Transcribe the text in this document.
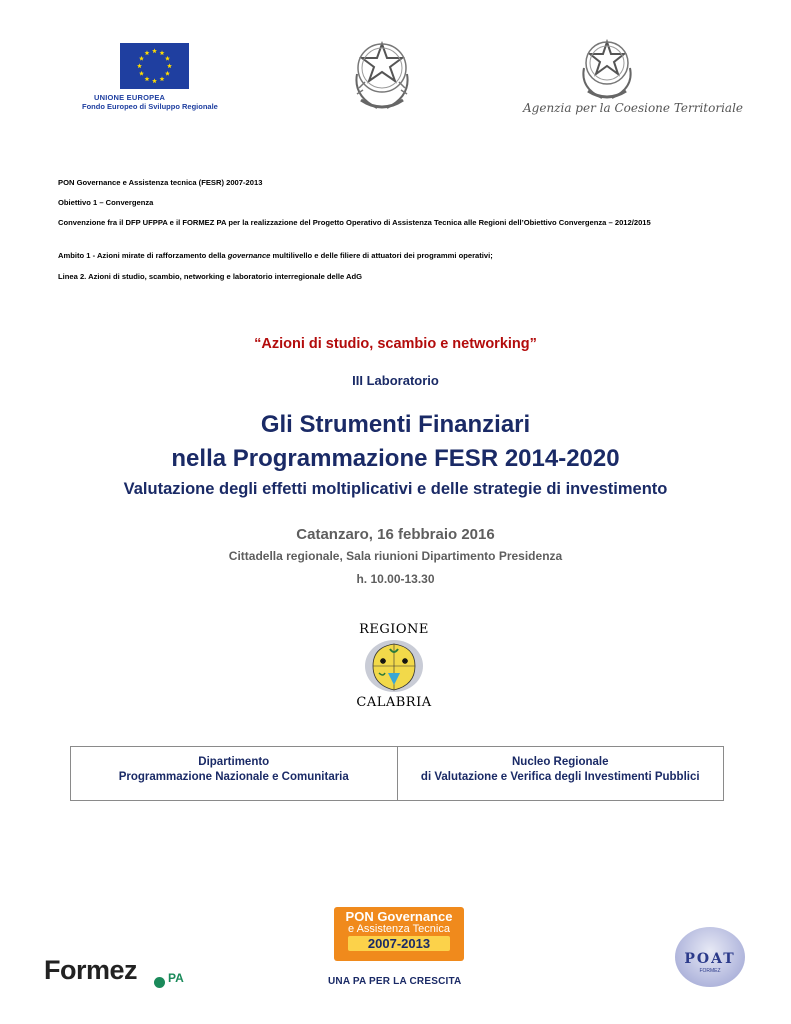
UNIONE EUROPEA
Fondo Europeo di Sviluppo Regionale	Agenzia per la Coesione Territoriale
PON Governance e Assistenza tecnica (FESR) 2007-2013
Obiettivo 1 – Convergenza
Convenzione fra il DFP UFPPA e il FORMEZ PA per la realizzazione del Progetto Operativo di Assistenza Tecnica alle Regioni dell’Obiettivo Convergenza – 2012/2015
Ambito 1 - Azioni mirate di rafforzamento della governance multilivello e delle filiere di attuatori dei programmi operativi;
Linea 2. Azioni di studio, scambio, networking e laboratorio interregionale delle AdG
“Azioni di studio, scambio e networking”
III Laboratorio
Gli Strumenti Finanziari
nella Programmazione FESR 2014-2020
Valutazione degli effetti moltiplicativi e delle strategie di investimento
Catanzaro, 16 febbraio 2016
Cittadella regionale, Sala riunioni Dipartimento Presidenza
h. 10.00-13.30
REGIONE
CALABRIA
Dipartimento
Programmazione Nazionale e Comunitaria
Nucleo Regionale
di Valutazione e Verifica degli Investimenti Pubblici
Formez	PA
PON Governance
e Assistenza Tecnica
2007-2013
UNA PA PER LA CRESCITA
POAT
FORMEZ
